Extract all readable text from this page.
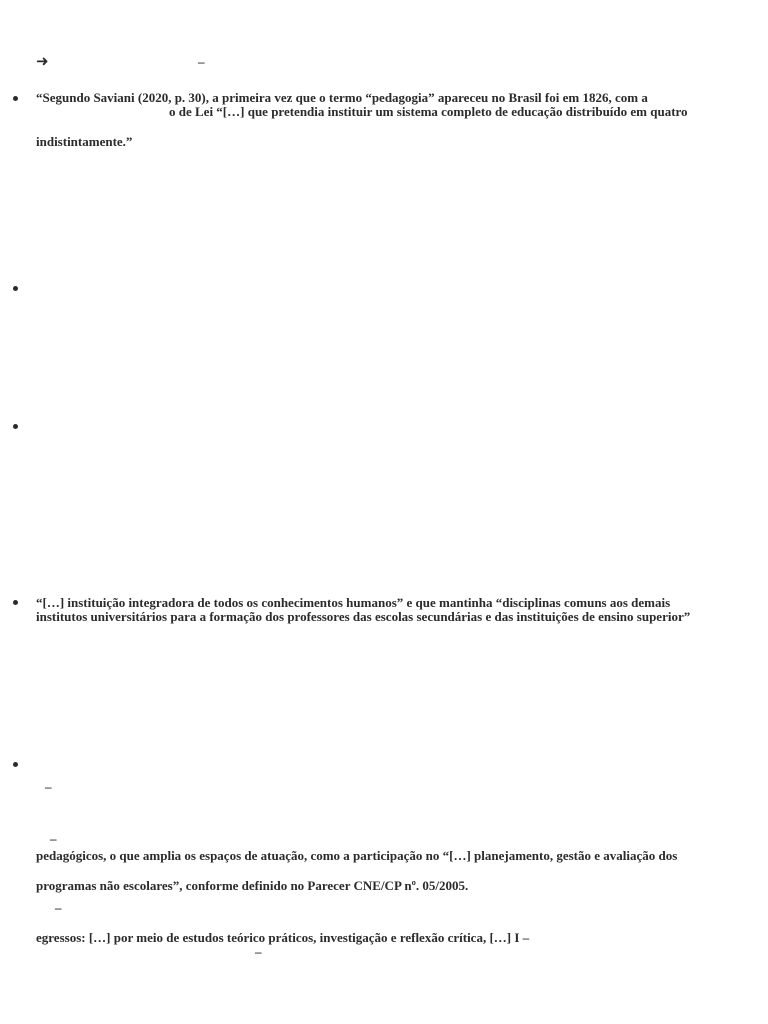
➜	–
“Segundo Saviani (2020, p. 30), a primeira vez que o termo “pedagogia” apareceu no Brasil foi em 1826, com a
o de Lei “[…] que pretendia instituir um sistema completo de educação distribuído em quatro
indistintamente.”
“[…] instituição integradora de todos os conhecimentos humanos” e que mantinha “disciplinas comuns aos demais
institutos universitários para a formação dos professores das escolas secundárias e das instituições de ensino superior”
–
–
pedagógicos, o que amplia os espaços de atuação, como a participação no “[…] planejamento, gestão e avaliação dos
programas não escolares”, conforme definido no Parecer CNE/CP nº. 05/2005.
–
egressos: […] por meio de estudos teórico práticos, investigação e reflexão crítica, […] I –
–
